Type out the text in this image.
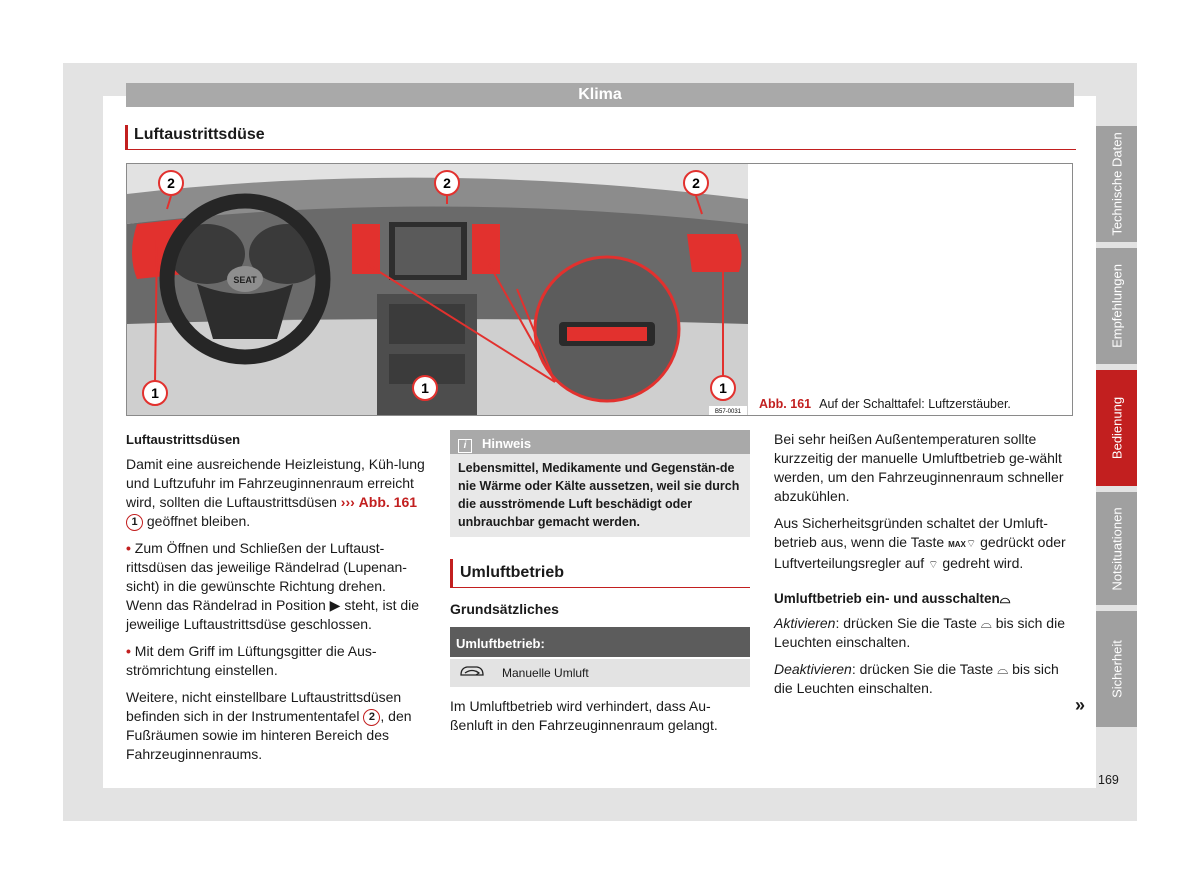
Klima
Luftaustrittsdüse
SEAT
2	2	2
1	1	1
B57-0031
Abb. 161 Auf der Schalttafel: Luftzerstäuber.
Luftaustrittsdüsen

Damit eine ausreichende Heizleistung, Küh-lung und Luftzufuhr im Fahrzeuginnenraum erreicht wird, sollten die Luftaustrittsdüsen ››› Abb. 161 1 geöffnet bleiben.

• Zum Öffnen und Schließen der Luftaust-rittsdüsen das jeweilige Rändelrad (Lupenan-sicht) in die gewünschte Richtung drehen. Wenn das Rändelrad in Position ▶ steht, ist die jeweilige Luftaustrittsdüse geschlossen.

• Mit dem Griff im Lüftungsgitter die Aus-strömrichtung einstellen.

Weitere, nicht einstellbare Luftaustrittsdüsen befinden sich in der Instrumententafel 2 , den Fußräumen sowie im hinteren Bereich des Fahrzeuginnenraums.

i Hinweis
Lebensmittel, Medikamente und Gegenstän-de nie Wärme oder Kälte aussetzen, weil sie durch die ausströmende Luft beschädigt oder unbrauchbar gemacht werden.
Umluftbetrieb
Grundsätzliches
Umluftbetrieb:
Manuelle Umluft

Im Umluftbetrieb wird verhindert, dass Au-ßenluft in den Fahrzeuginnenraum gelangt.

Bei sehr heißen Außentemperaturen sollte kurzzeitig der manuelle Umluftbetrieb ge-wählt werden, um den Fahrzeuginnenraum schneller abzukühlen.

Aus Sicherheitsgründen schaltet der Umluft-betrieb aus, wenn die Taste MAX⌔ gedrückt oder Luftverteilungsregler auf ⌔ gedreht wird.

Umluftbetrieb ein- und ausschalten⌓

Aktivieren: drücken Sie die Taste ⌓ bis sich die Leuchten einschalten.

Deaktivieren: drücken Sie die Taste ⌓ bis sich die Leuchten einschalten.

»
Technische Daten
Empfehlungen
Bedienung
Notsituationen
Sicherheit
169
